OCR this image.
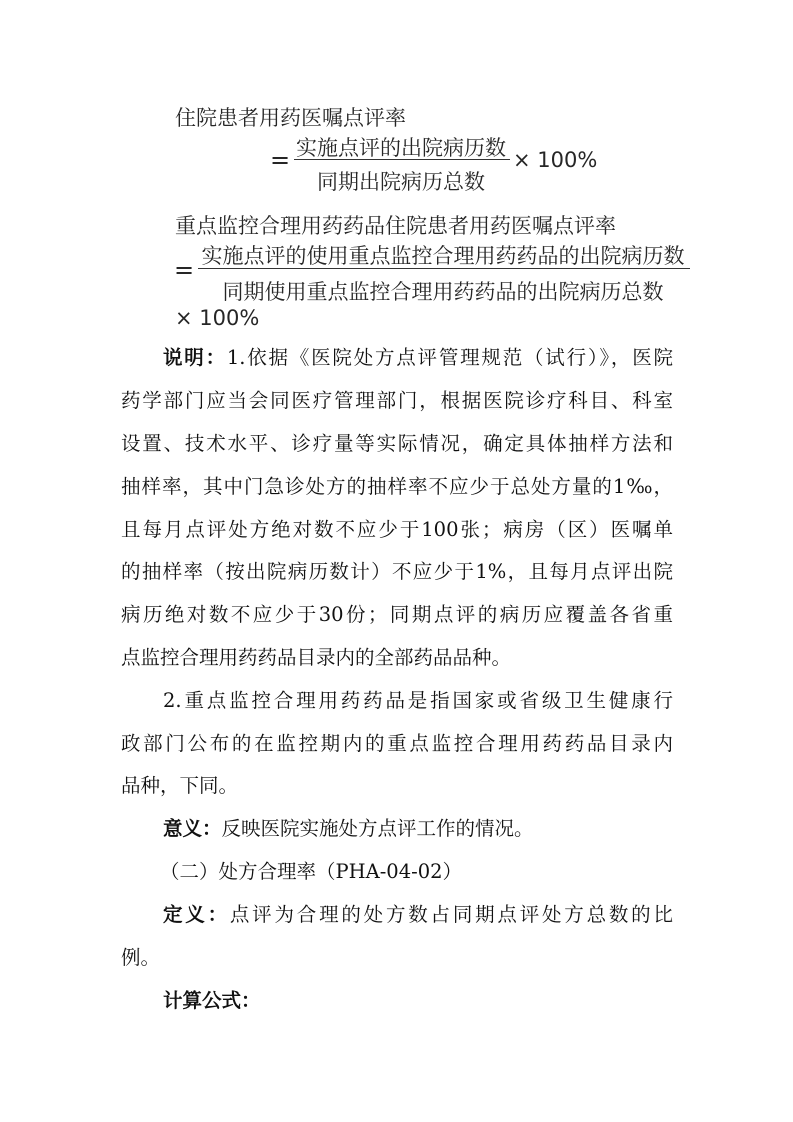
住院患者用药医嘱点评率
= 实施点评的出院病历数
同期出院病历总数
× 100%
重点监控合理用药药品住院患者用药医嘱点评率
= 实施点评的使用重点监控合理用药药品的出院病历数
同期使用重点监控合理用药药品的出院病历总数
× 100%
说明：1.依据《医院处方点评管理规范（试行）》，医院
药学部门应当会同医疗管理部门，根据医院诊疗科目、科室
设置、技术水平、诊疗量等实际情况，确定具体抽样方法和
抽样率，其中门急诊处方的抽样率不应少于总处方量的1‰，
且每月点评处方绝对数不应少于100张；病房（区）医嘱单
的抽样率（按出院病历数计）不应少于1%，且每月点评出院
病历绝对数不应少于30份；同期点评的病历应覆盖各省重
点监控合理用药药品目录内的全部药品品种。
2.重点监控合理用药药品是指国家或省级卫生健康行
政部门公布的在监控期内的重点监控合理用药药品目录内
品种，下同。
意义：反映医院实施处方点评工作的情况。
（二）处方合理率（PHA-04-02）
定义：点评为合理的处方数占同期点评处方总数的比
例。
计算公式：
